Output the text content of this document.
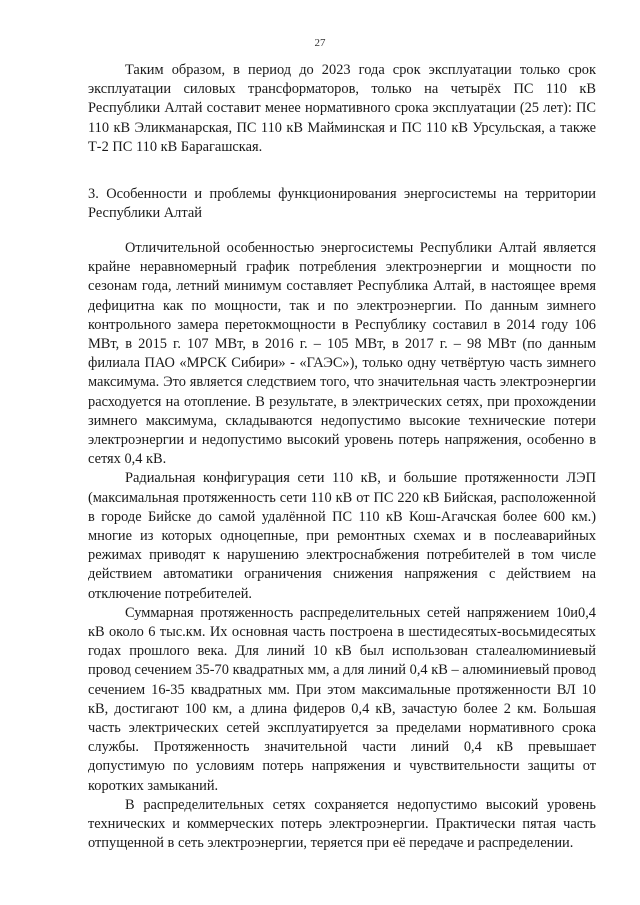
27

Таким образом, в период до 2023 года срок эксплуатации только срок эксплуатации силовых трансформаторов, только на четырёх ПС 110 кВ Республики Алтай составит менее нормативного срока эксплуатации (25 лет): ПС 110 кВ Эликманарская, ПС 110 кВ Майминская и ПС 110 кВ Урсульская, а также Т-2 ПС 110 кВ Барагашская.

3. Особенности и проблемы функционирования энергосистемы на территории Республики Алтай

Отличительной особенностью энергосистемы Республики Алтай является крайне неравномерный график потребления электроэнергии и мощности по сезонам года, летний минимум составляет Республика Алтай, в настоящее время дефицитна как по мощности, так и по электроэнергии. По данным зимнего контрольного замера перетокмощности в Республику составил в 2014 году 106 МВт, в 2015 г. 107 МВт, в 2016 г. – 105 МВт, в 2017 г. – 98 МВт (по данным филиала ПАО «МРСК Сибири» - «ГАЭС»), только одну четвёртую часть зимнего максимума. Это является следствием того, что значительная часть электроэнергии расходуется на отопление. В результате, в электрических сетях, при прохождении зимнего максимума, складываются недопустимо высокие технические потери электроэнергии и недопустимо высокий уровень потерь напряжения, особенно в сетях 0,4 кВ.

Радиальная конфигурация сети 110 кВ, и большие протяженности ЛЭП (максимальная протяженность сети 110 кВ от ПС 220 кВ Бийская, расположенной в городе Бийске до самой удалённой ПС 110 кВ Кош-Агачская более 600 км.) многие из которых одноцепные, при ремонтных схемах и в послеаварийных режимах приводят к нарушению электроснабжения потребителей в том числе действием автоматики ограничения снижения напряжения с действием на отключение потребителей.

Суммарная протяженность распределительных сетей напряжением 10и0,4 кВ около 6 тыс.км. Их основная часть построена в шестидесятых-восьмидесятых годах прошлого века. Для линий 10 кВ был использован сталеалюминиевый провод сечением 35-70 квадратных мм, а для линий 0,4 кВ – алюминиевый провод сечением 16-35 квадратных мм. При этом максимальные протяженности ВЛ 10 кВ, достигают 100 км, а длина фидеров 0,4 кВ, зачастую более 2 км. Большая часть электрических сетей эксплуатируется за пределами нормативного срока службы. Протяженность значительной части линий 0,4 кВ превышает допустимую по условиям потерь напряжения и чувствительности защиты от коротких замыканий.

В распределительных сетях сохраняется недопустимо высокий уровень технических и коммерческих потерь электроэнергии. Практически пятая часть отпущенной в сеть электроэнергии, теряется при её передаче и распределении.
